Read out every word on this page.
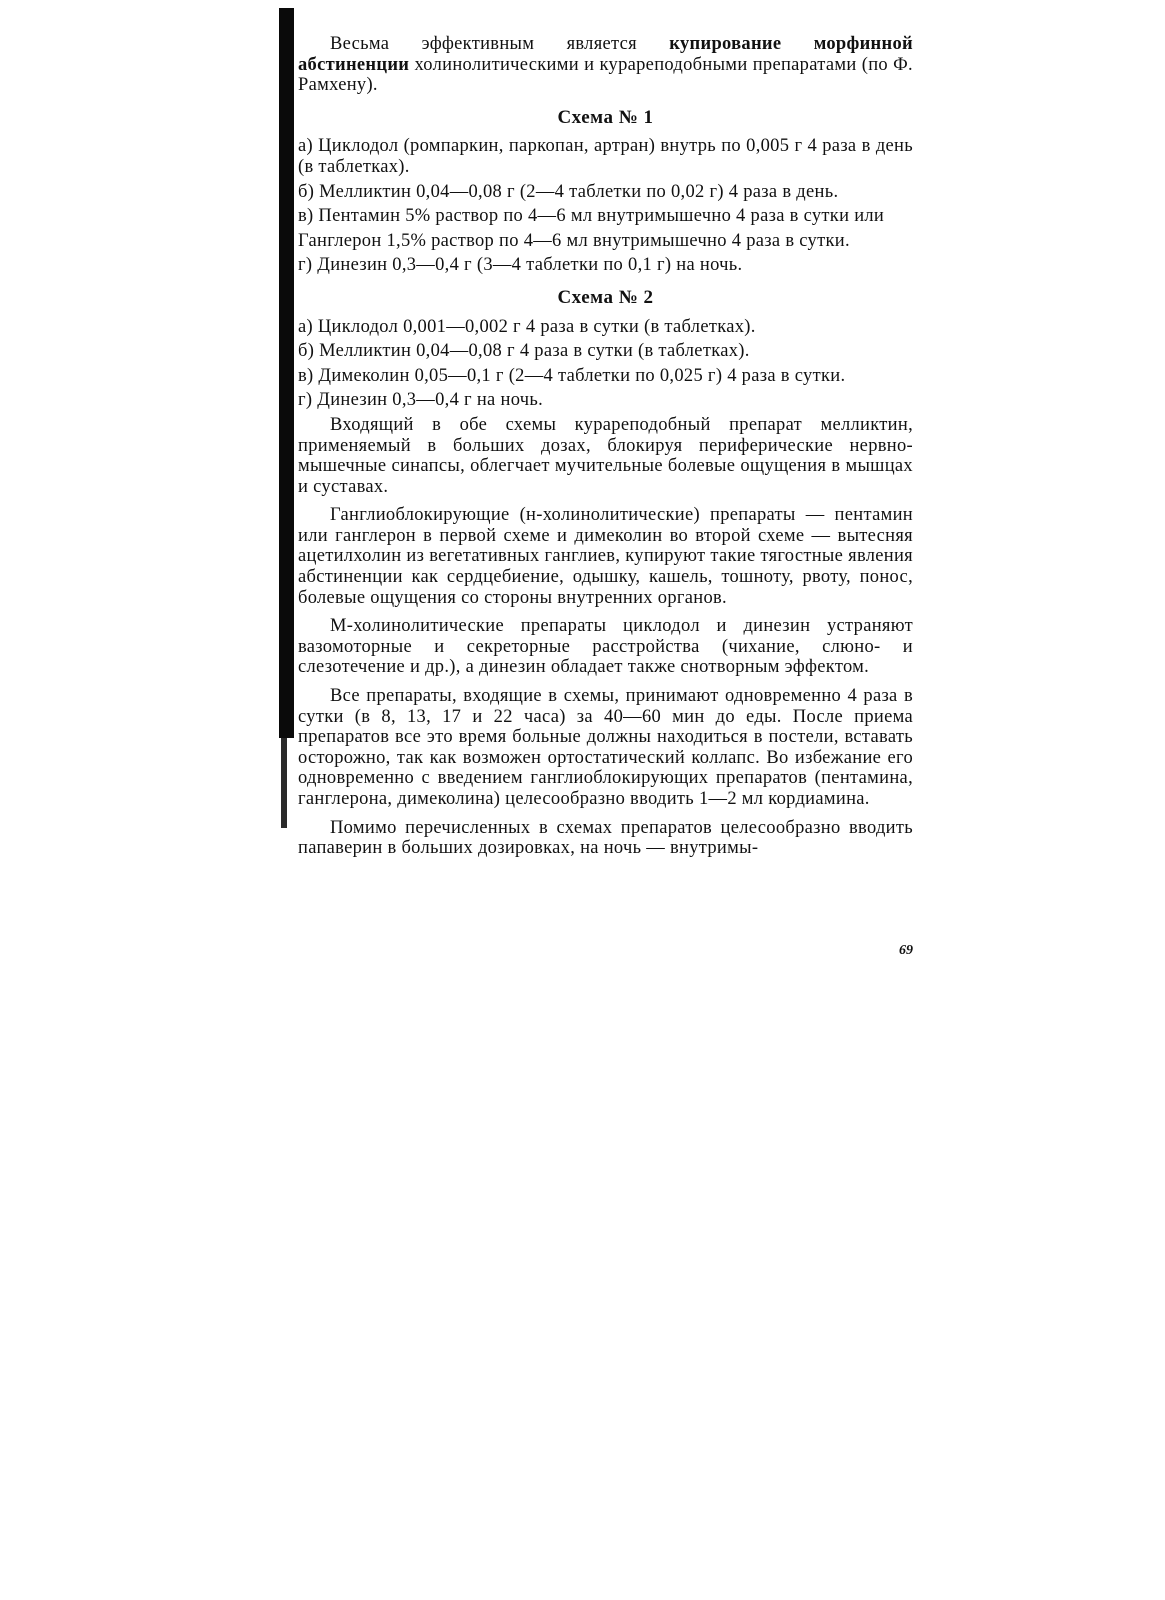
Весьма эффективным является купирование морфинной абстиненции холинолитическими и курареподобными препаратами (по Ф. Рамхену).

Схема № 1

а) Циклодол (ромпаркин, паркопан, артран) внутрь по 0,005 г 4 раза в день (в таблетках).

б) Мелликтин 0,04—0,08 г (2—4 таблетки по 0,02 г) 4 раза в день.

в) Пентамин 5% раствор по 4—6 мл внутримышечно 4 раза в сутки или

Ганглерон 1,5% раствор по 4—6 мл внутримышечно 4 раза в сутки.

г) Динезин 0,3—0,4 г (3—4 таблетки по 0,1 г) на ночь.

Схема № 2

а) Циклодол 0,001—0,002 г 4 раза в сутки (в таблетках).

б) Мелликтин 0,04—0,08 г 4 раза в сутки (в таблетках).

в) Димеколин 0,05—0,1 г (2—4 таблетки по 0,025 г) 4 раза в сутки.

г) Динезин 0,3—0,4 г на ночь.

Входящий в обе схемы курареподобный препарат мелликтин, применяемый в больших дозах, блокируя периферические нервно-мышечные синапсы, облегчает мучительные болевые ощущения в мышцах и суставах.

Ганглиоблокирующие (н-холинолитические) препараты — пентамин или ганглерон в первой схеме и димеколин во второй схеме — вытесняя ацетилхолин из вегетативных ганглиев, купируют такие тягостные явления абстиненции как сердцебиение, одышку, кашель, тошноту, рвоту, понос, болевые ощущения со стороны внутренних органов.

М-холинолитические препараты циклодол и динезин устраняют вазомоторные и секреторные расстройства (чихание, слюно- и слезотечение и др.), а динезин обладает также снотворным эффектом.

Все препараты, входящие в схемы, принимают одновременно 4 раза в сутки (в 8, 13, 17 и 22 часа) за 40—60 мин до еды. После приема препаратов все это время больные должны находиться в постели, вставать осторожно, так как возможен ортостатический коллапс. Во избежание его одновременно с введением ганглиоблокирующих препаратов (пентамина, ганглерона, димеколина) целесообразно вводить 1—2 мл кордиамина.

Помимо перечисленных в схемах препаратов целесообразно вводить папаверин в больших дозировках, на ночь — внутримы-

69
